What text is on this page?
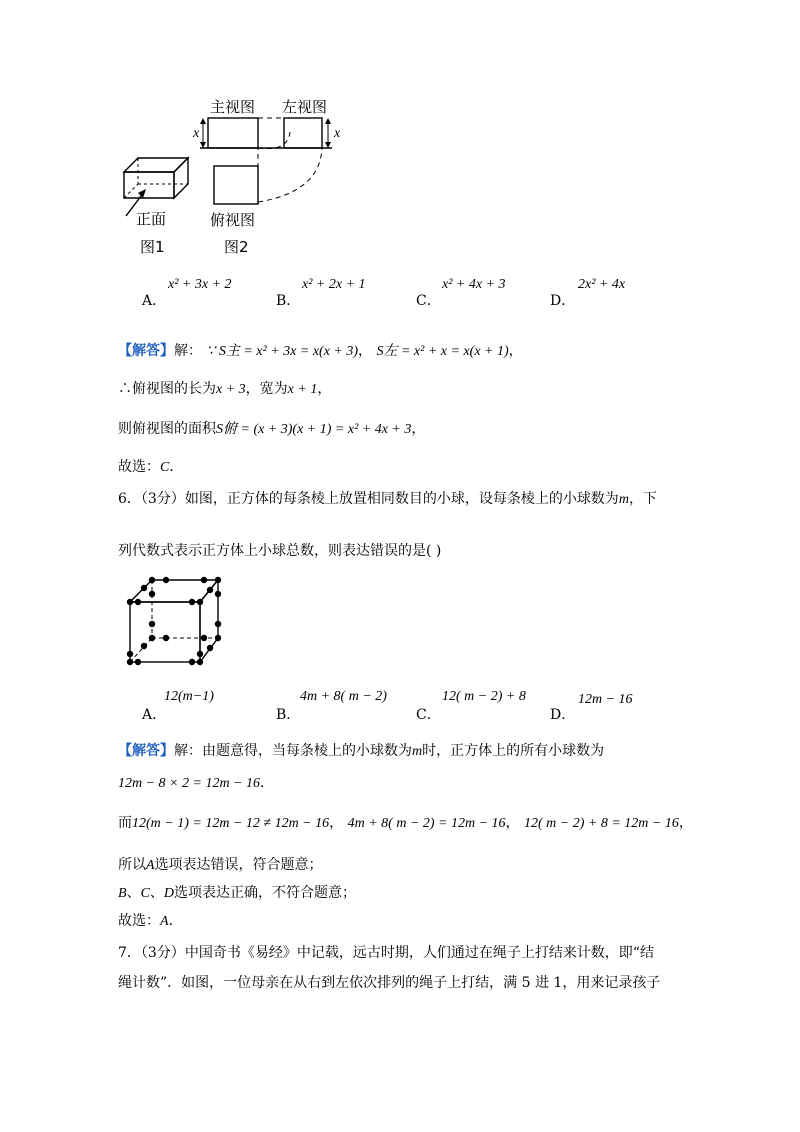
主视图 左视图
x	x
俯视图
正面
图1	图2
A．
x² + 3x + 2
B．
x² + 2x + 1
C．
x² + 4x + 3
D．
2x² + 4x
【解答】解： ∵ S主 = x² + 3x = x(x + 3)， S左 = x² + x = x(x + 1)，
∴俯视图的长为x + 3，宽为x + 1，
则俯视图的面积S俯 = (x + 3)(x + 1) = x² + 4x + 3，
故选：C．
6．（3分）如图，正方体的每条棱上放置相同数目的小球，设每条棱上的小球数为m，下
列代数式表示正方体上小球总数，则表达错误的是( )
A．
12(m−1)
B．
4m + 8( m − 2)
C．
12( m − 2) + 8
D．
12m − 16
【解答】解：由题意得，当每条棱上的小球数为m时，正方体上的所有小球数为
12m − 8 × 2 = 12m − 16．
而12(m − 1) = 12m − 12 ≠ 12m − 16， 4m + 8( m − 2) = 12m − 16， 12( m − 2) + 8 = 12m − 16，
所以A选项表达错误，符合题意；
B、C、D选项表达正确，不符合题意；
故选：A．
7．（3分）中国奇书《易经》中记载，远古时期，人们通过在绳子上打结来计数，即“结
绳计数”．如图，一位母亲在从右到左依次排列的绳子上打结，满 5 进 1，用来记录孩子
